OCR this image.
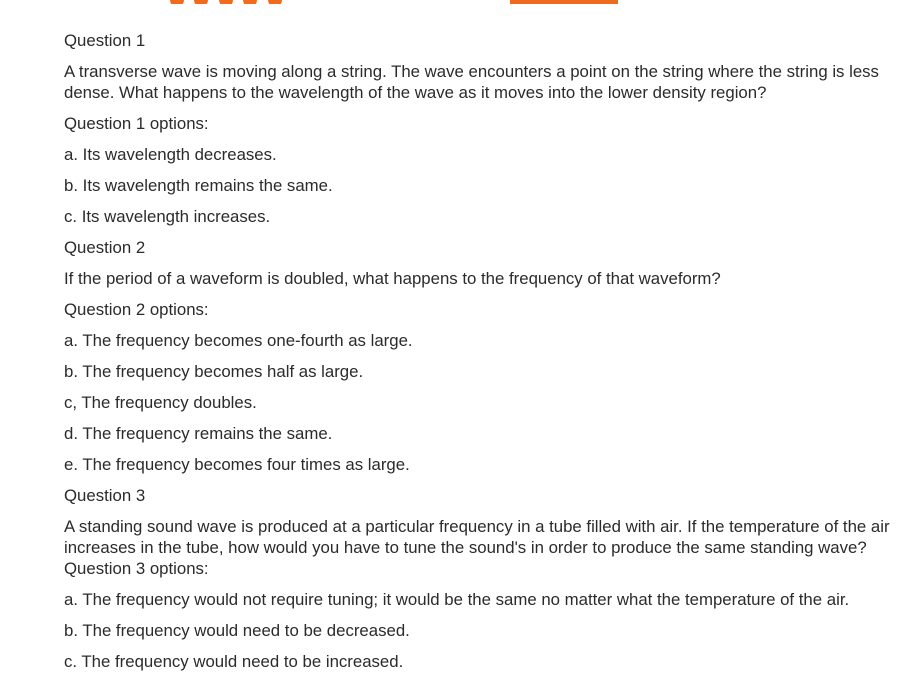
Question 1

A transverse wave is moving along a string. The wave encounters a point on the string where the string is less dense. What happens to the wavelength of the wave as it moves into the lower density region?

Question 1 options:

a. Its wavelength decreases.

b. Its wavelength remains the same.

c. Its wavelength increases.

Question 2

If the period of a waveform is doubled, what happens to the frequency of that waveform?

Question 2 options:

a. The frequency becomes one-fourth as large.

b. The frequency becomes half as large.

c, The frequency doubles.

d. The frequency remains the same.

e. The frequency becomes four times as large.

Question 3

A standing sound wave is produced at a particular frequency in a tube filled with air. If the temperature of the air increases in the tube, how would you have to tune the sound's in order to produce the same standing wave? Question 3 options:

a. The frequency would not require tuning; it would be the same no matter what the temperature of the air.

b. The frequency would need to be decreased.

c. The frequency would need to be increased.
